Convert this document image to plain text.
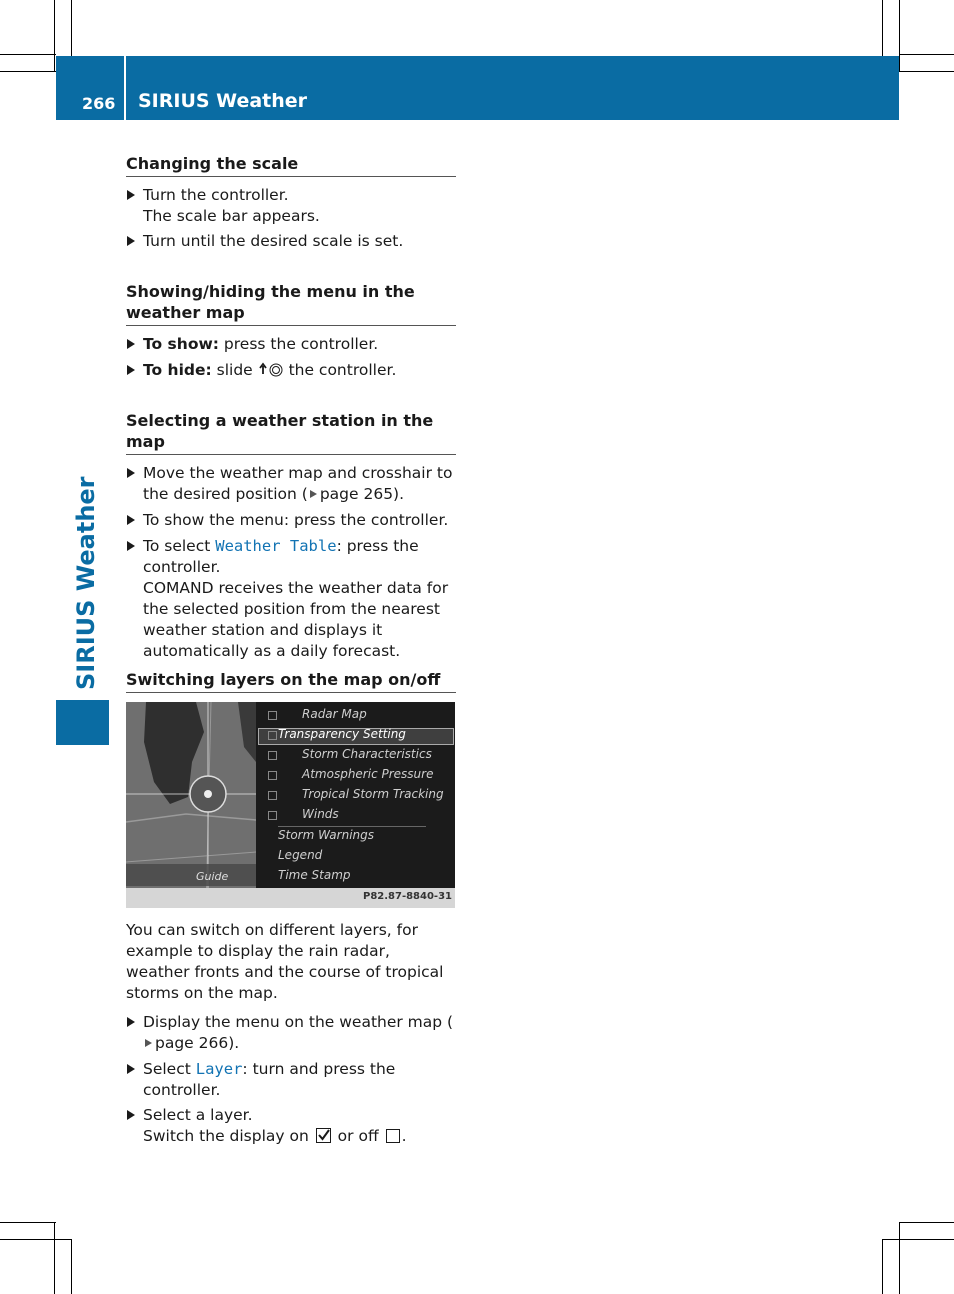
266 SIRIUS Weather
SIRIUS Weather
Changing the scale
Turn the controller.
The scale bar appears.
Turn until the desired scale is set.
Showing/hiding the menu in the weather map
To show: press the controller.
To hide: slide  the controller.
Selecting a weather station in the map
Move the weather map and crosshair to the desired position ( page 265).
To show the menu: press the controller.
To select Weather Table: press the controller.
COMAND receives the weather data for the selected position from the nearest weather station and displays it automatically as a daily forecast.
Switching layers on the map on/off
Guide
Radar Map
Transparency Setting
Storm Characteristics
Atmospheric Pressure
Tropical Storm Tracking
Winds
Storm Warnings
Legend
Time Stamp
P82.87-8840-31
You can switch on different layers, for example to display the rain radar, weather fronts and the course of tropical storms on the map.
Display the menu on the weather map (page 266).
Select Layer: turn and press the controller.
Select a layer.
Switch the display on
or off .
